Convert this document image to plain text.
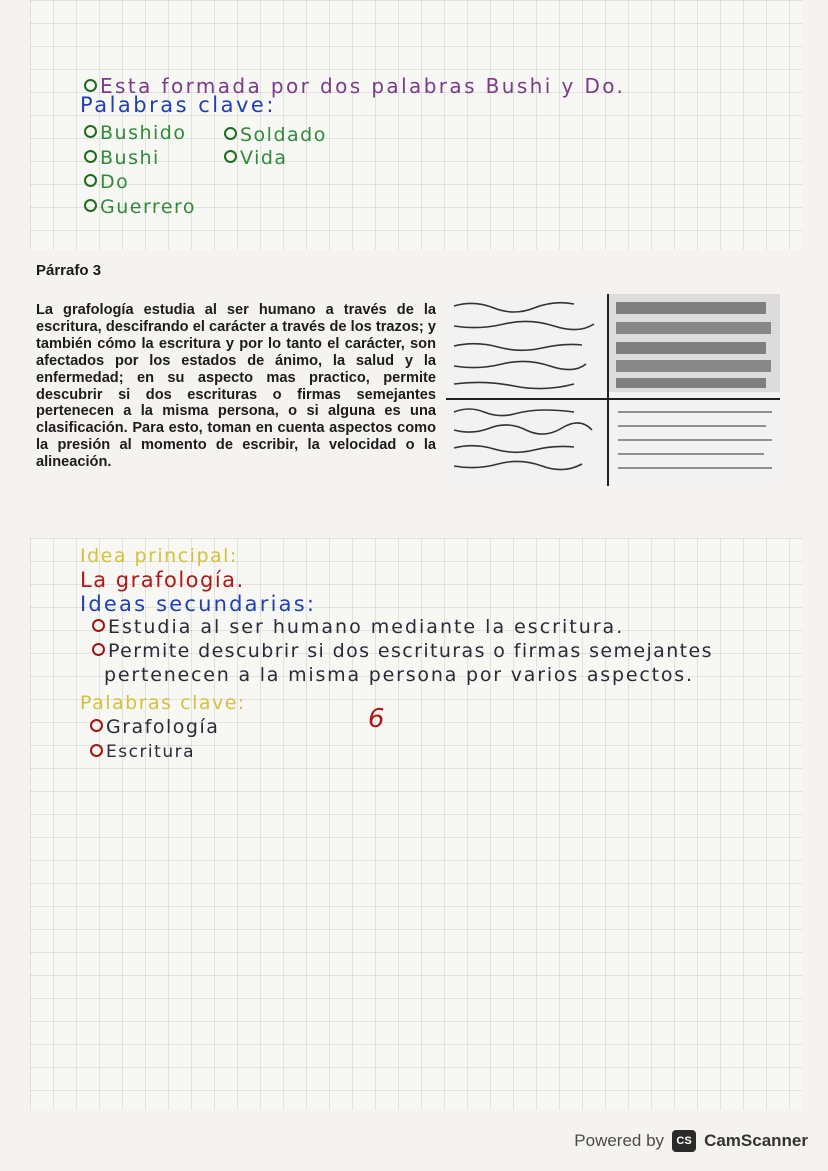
Esta formada por dos palabras Bushi y Do.
Palabras clave:
Bushido
Bushi
Do
Guerrero
Soldado
Vida
Párrafo 3
La grafología estudia al ser humano a través de la escritura, descifrando el carácter a través de los trazos; y también cómo la escritura y por lo tanto el carácter, son afectados por los estados de ánimo, la salud y la enfermedad; en su aspecto mas practico, permite descubrir si dos escrituras o firmas semejantes pertenecen a la misma persona, o si alguna es una clasificación. Para esto, toman en cuenta aspectos como la presión al momento de escribir, la velocidad o la alineación.
Idea principal:
La grafología.
Ideas secundarias:
Estudia al ser humano mediante la escritura.
Permite descubrir si dos escrituras o firmas semejantes
pertenecen a la misma persona por varios aspectos.
Palabras clave:
Grafología
Escritura
6
Powered by	CS CamScanner
